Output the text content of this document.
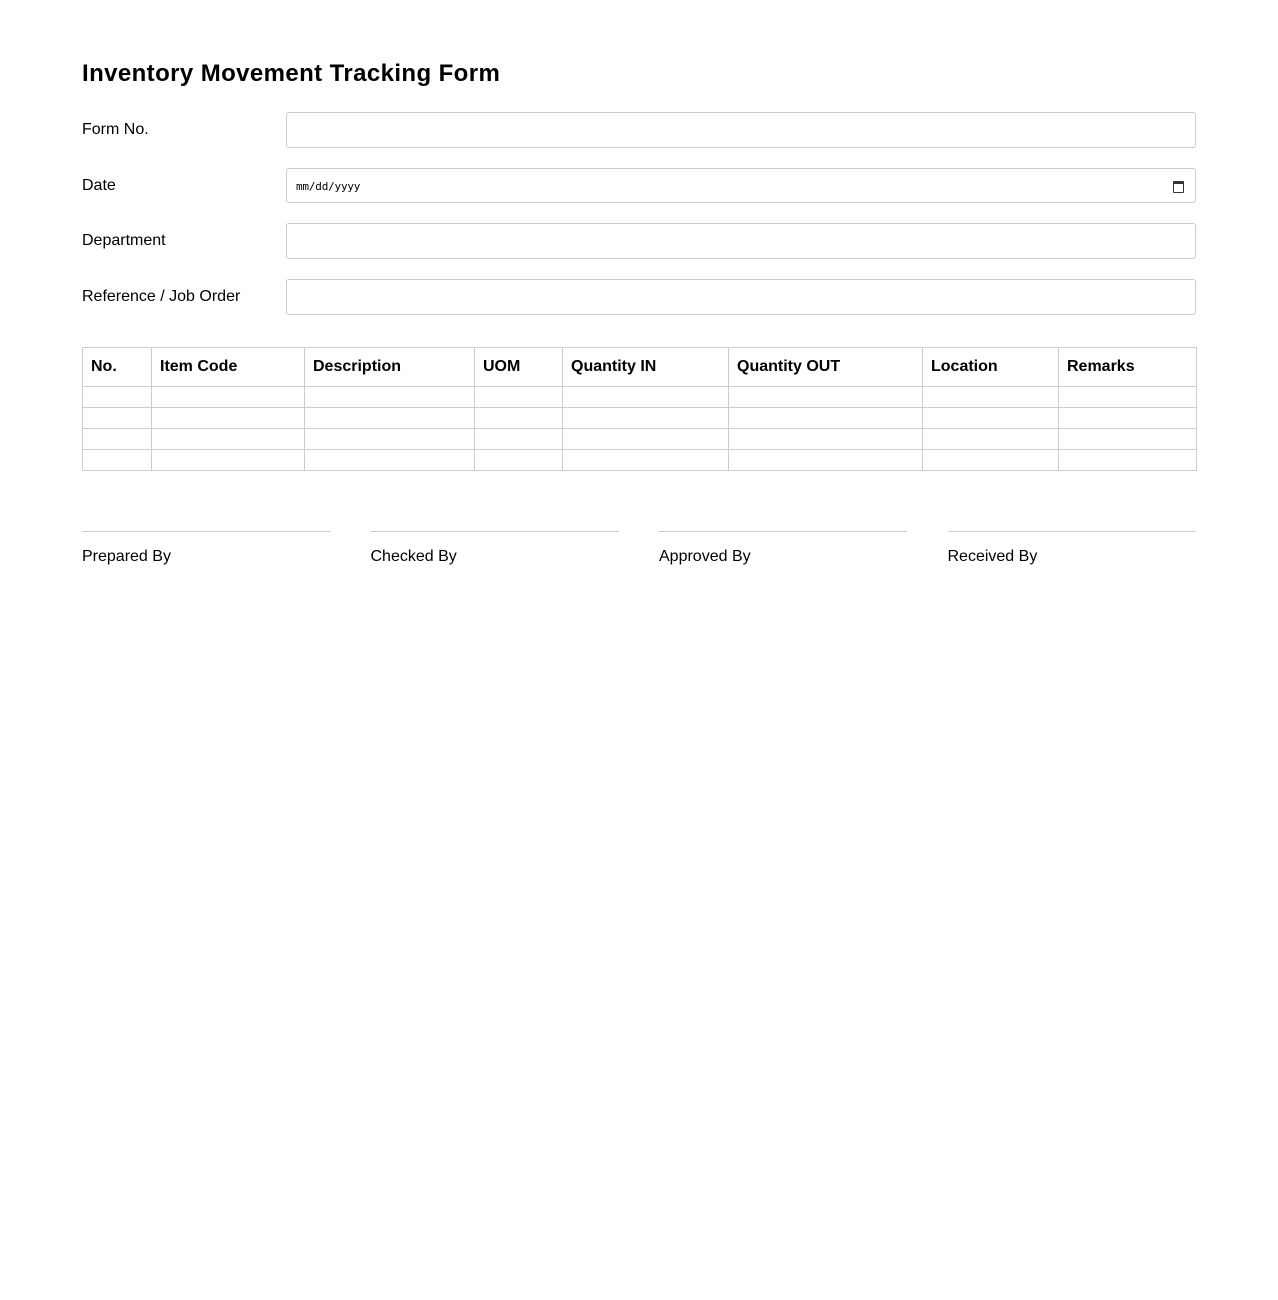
Inventory Movement Tracking Form
Form No.
Date	mm/dd/yyyy
Department
Reference / Job Order
No.	Item Code	Description	UOM	Quantity IN	Quantity OUT	Location	Remarks

Prepared By	Checked By	Approved By	Received By
